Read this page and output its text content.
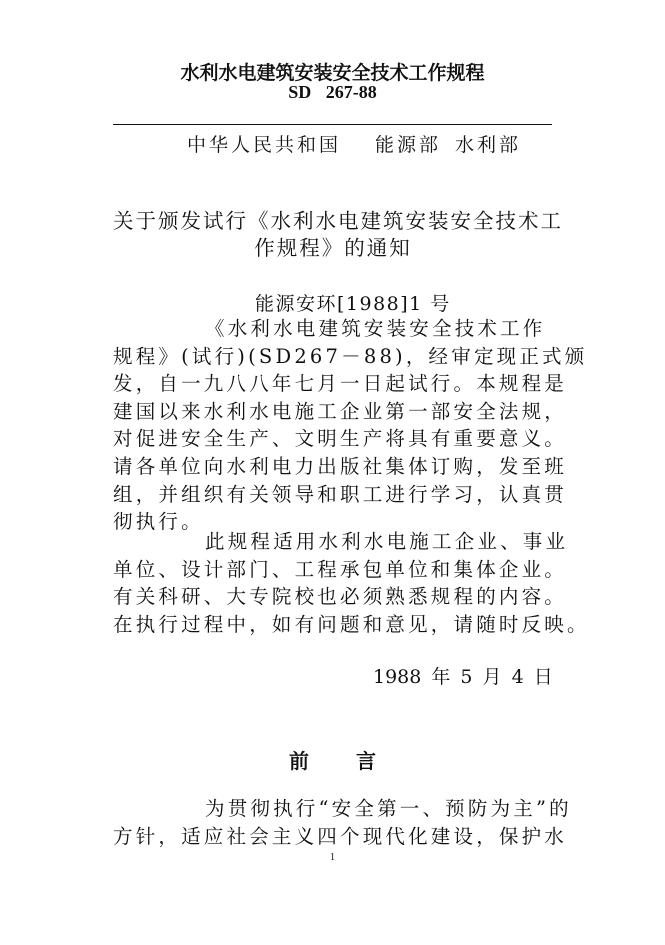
水利水电建筑安装安全技术工作规程
SD 267-88
中华人民共和国 能源部 水利部
关于颁发试行《水利水电建筑安装安全技术工
作规程》的通知
能源安环[1988]1 号
《水利水电建筑安装安全技术工作
规程》(试行)(SD267－88)，经审定现正式颁
发，自一九八八年七月一日起试行。本规程是
建国以来水利水电施工企业第一部安全法规，
对促进安全生产、文明生产将具有重要意义。
请各单位向水利电力出版社集体订购，发至班
组，并组织有关领导和职工进行学习，认真贯
彻执行。
此规程适用水利水电施工企业、事业
单位、设计部门、工程承包单位和集体企业。
有关科研、大专院校也必须熟悉规程的内容。
在执行过程中，如有问题和意见，请随时反映。
1988 年 5 月 4 日
前 言
为贯彻执行“安全第一、预防为主”的
方针，适应社会主义四个现代化建设，保护水
1
